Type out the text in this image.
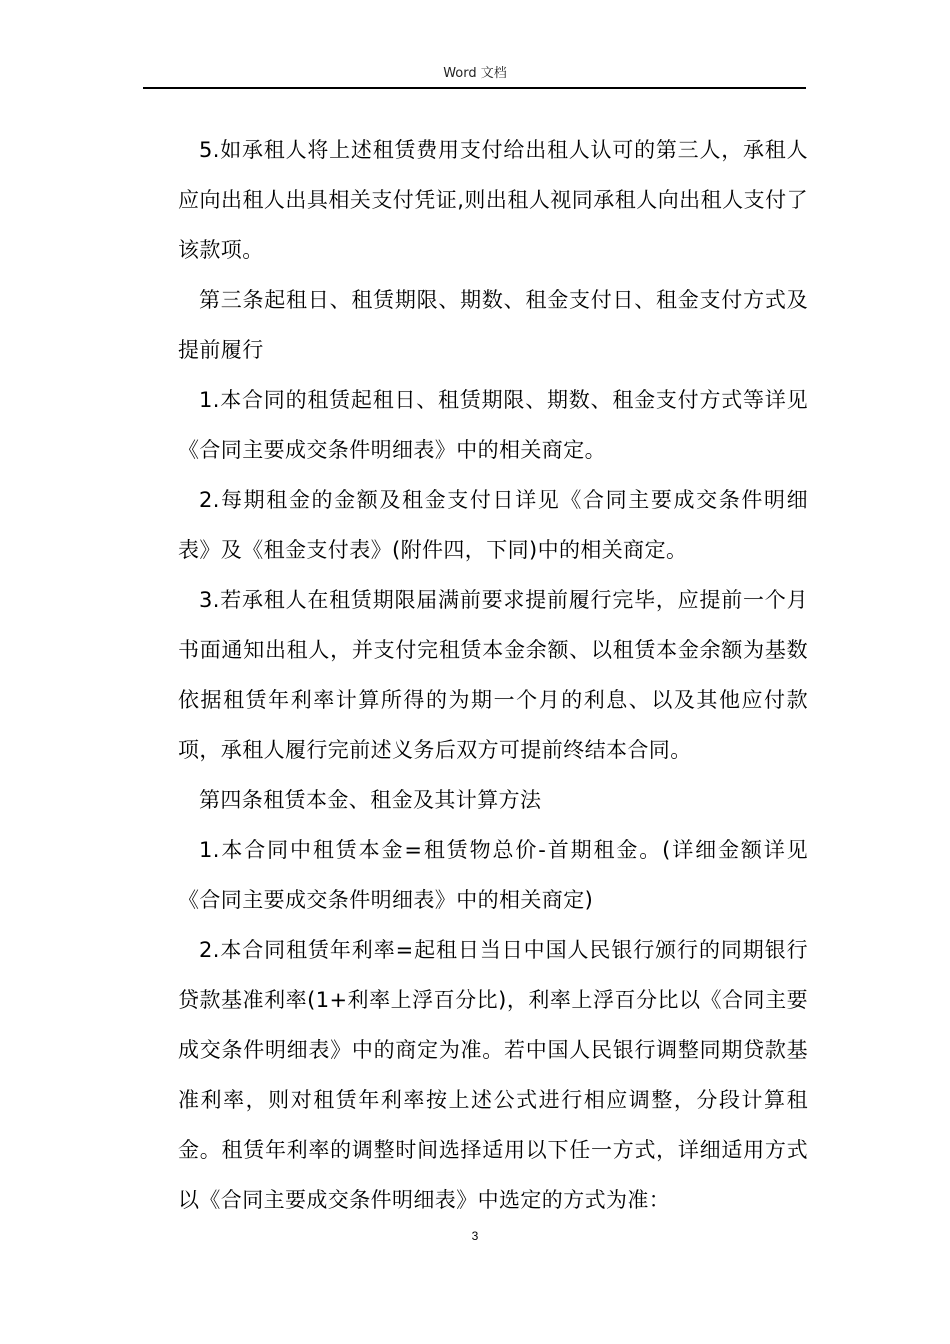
Word 文档

5.如承租人将上述租赁费用支付给出租人认可的第三人，承租人应向出租人出具相关支付凭证,则出租人视同承租人向出租人支付了该款项。

第三条起租日、租赁期限、期数、租金支付日、租金支付方式及提前履行

1.本合同的租赁起租日、租赁期限、期数、租金支付方式等详见《合同主要成交条件明细表》中的相关商定。

2.每期租金的金额及租金支付日详见《合同主要成交条件明细表》及《租金支付表》(附件四，下同)中的相关商定。

3.若承租人在租赁期限届满前要求提前履行完毕，应提前一个月书面通知出租人，并支付完租赁本金余额、以租赁本金余额为基数依据租赁年利率计算所得的为期一个月的利息、以及其他应付款项，承租人履行完前述义务后双方可提前终结本合同。

第四条租赁本金、租金及其计算方法

1.本合同中租赁本金=租赁物总价-首期租金。(详细金额详见《合同主要成交条件明细表》中的相关商定)

2.本合同租赁年利率=起租日当日中国人民银行颁行的同期银行贷款基准利率(1+利率上浮百分比)，利率上浮百分比以《合同主要成交条件明细表》中的商定为准。若中国人民银行调整同期贷款基准利率，则对租赁年利率按上述公式进行相应调整，分段计算租金。租赁年利率的调整时间选择适用以下任一方式，详细适用方式以《合同主要成交条件明细表》中选定的方式为准：

3
